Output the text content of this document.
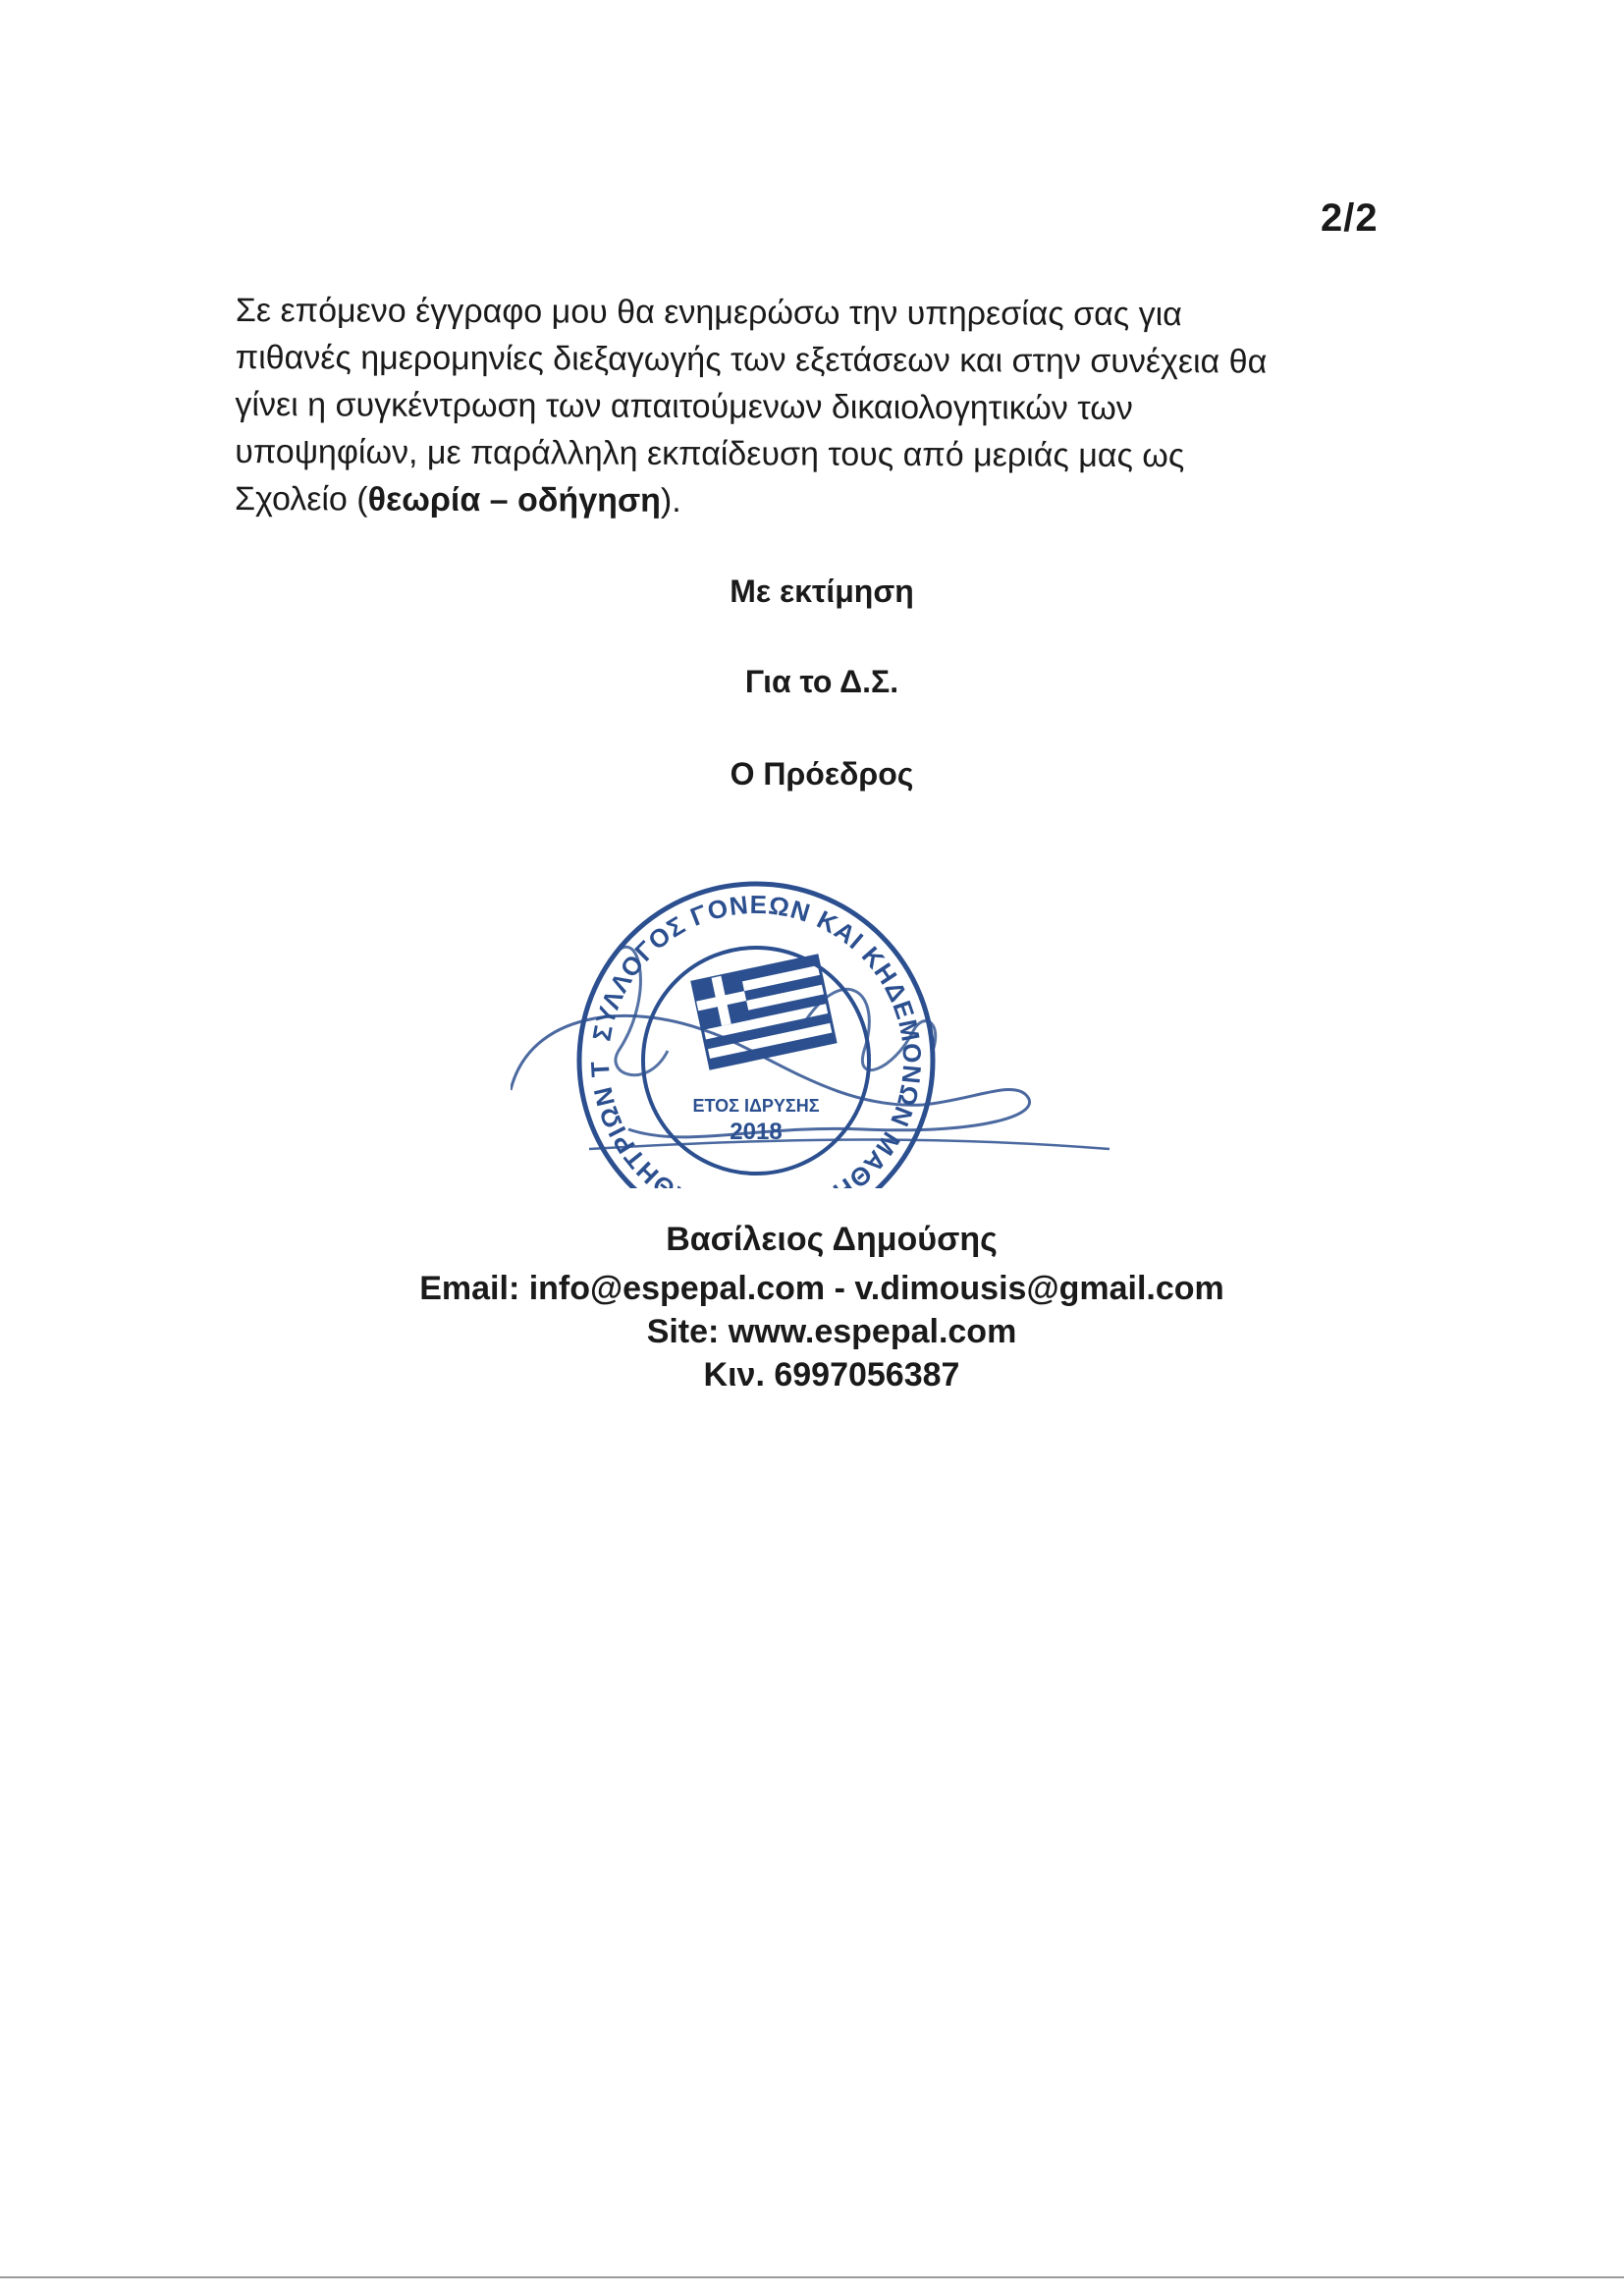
2/2
Σε επόμενο έγγραφο μου θα ενημερώσω την υπηρεσίας σας για
πιθανές ημερομηνίες διεξαγωγής των εξετάσεων και στην συνέχεια θα
γίνει η συγκέντρωση των απαιτούμενων δικαιολογητικών των
υποψηφίων, με παράλληλη εκπαίδευση τους από μεριάς μας ως
Σχολείο (θεωρία – οδήγηση).
Με εκτίμηση
Για το Δ.Σ.
Ο Πρόεδρος
ΣΥΛΛΟΓΟΣ ΓΟΝΕΩΝ ΚΑΙ ΚΗΔΕΜΟΝΩΝ ΜΑΘ ΘΗΤΡΙΩΝ Τ
ΕΤΟΣ ΙΔΡΥΣΗΣ
2018
Βασίλειος Δημούσης
Email: info@espepal.com - v.dimousis@gmail.com
Site: www.espepal.com
Κιν. 6997056387
